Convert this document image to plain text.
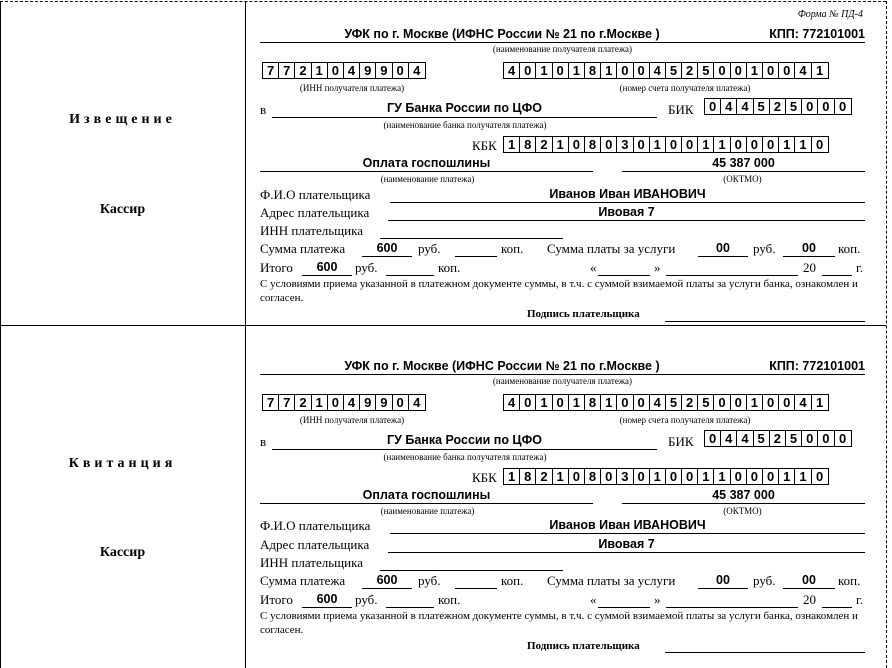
Форма № ПД-4
Извещение
Кассир
УФК по г. Москве (ИФНС России № 21 по г.Москве )	КПП: 772101001
(наименование получателя платежа)
7 7 2 1 0 4 9 9 0 4
(ИНН получателя платежа)
4 0 1 0 1 8 1 0 0 4 5 2 5 0 0 1 0 0 4 1
(номер счета получателя платежа)
в	ГУ Банка России по ЦФО
(наименование банка получателя платежа)
БИК	0 4 4 5 2 5 0 0 0
КБК 1 8 2 1 0 8 0 3 0 1 0 0 1 1 0 0 0 1 1 0
Оплата госпошлины
(наименование платежа)
45 387 000
(ОКТМО)
Ф.И.О плательщика	Иванов Иван ИВАНОВИЧ
Адрес плательщика	Ивовая 7
ИНН плательщика
Сумма платежа	600	руб.	коп. Сумма платы за услуги	00	руб.	00	коп.
Итого	600	руб.	коп.	«	»	20	г.
С условиями приема указанной в платежном документе суммы, в т.ч. с суммой взимаемой платы за услуги банка, ознакомлен и согласен.
Подпись плательщика
Квитанция
Кассир
УФК по г. Москве (ИФНС России № 21 по г.Москве )	КПП: 772101001
(наименование получателя платежа)
7 7 2 1 0 4 9 9 0 4
(ИНН получателя платежа)
4 0 1 0 1 8 1 0 0 4 5 2 5 0 0 1 0 0 4 1
(номер счета получателя платежа)
в	ГУ Банка России по ЦФО
(наименование банка получателя платежа)
БИК	0 4 4 5 2 5 0 0 0
КБК 1 8 2 1 0 8 0 3 0 1 0 0 1 1 0 0 0 1 1 0
Оплата госпошлины
(наименование платежа)
45 387 000
(ОКТМО)
Ф.И.О плательщика	Иванов Иван ИВАНОВИЧ
Адрес плательщика	Ивовая 7
ИНН плательщика
Сумма платежа	600	руб.	коп. Сумма платы за услуги	00	руб.	00	коп.
Итого	600	руб.	коп.	«	»	20	г.
С условиями приема указанной в платежном документе суммы, в т.ч. с суммой взимаемой платы за услуги банка, ознакомлен и согласен.
Подпись плательщика
